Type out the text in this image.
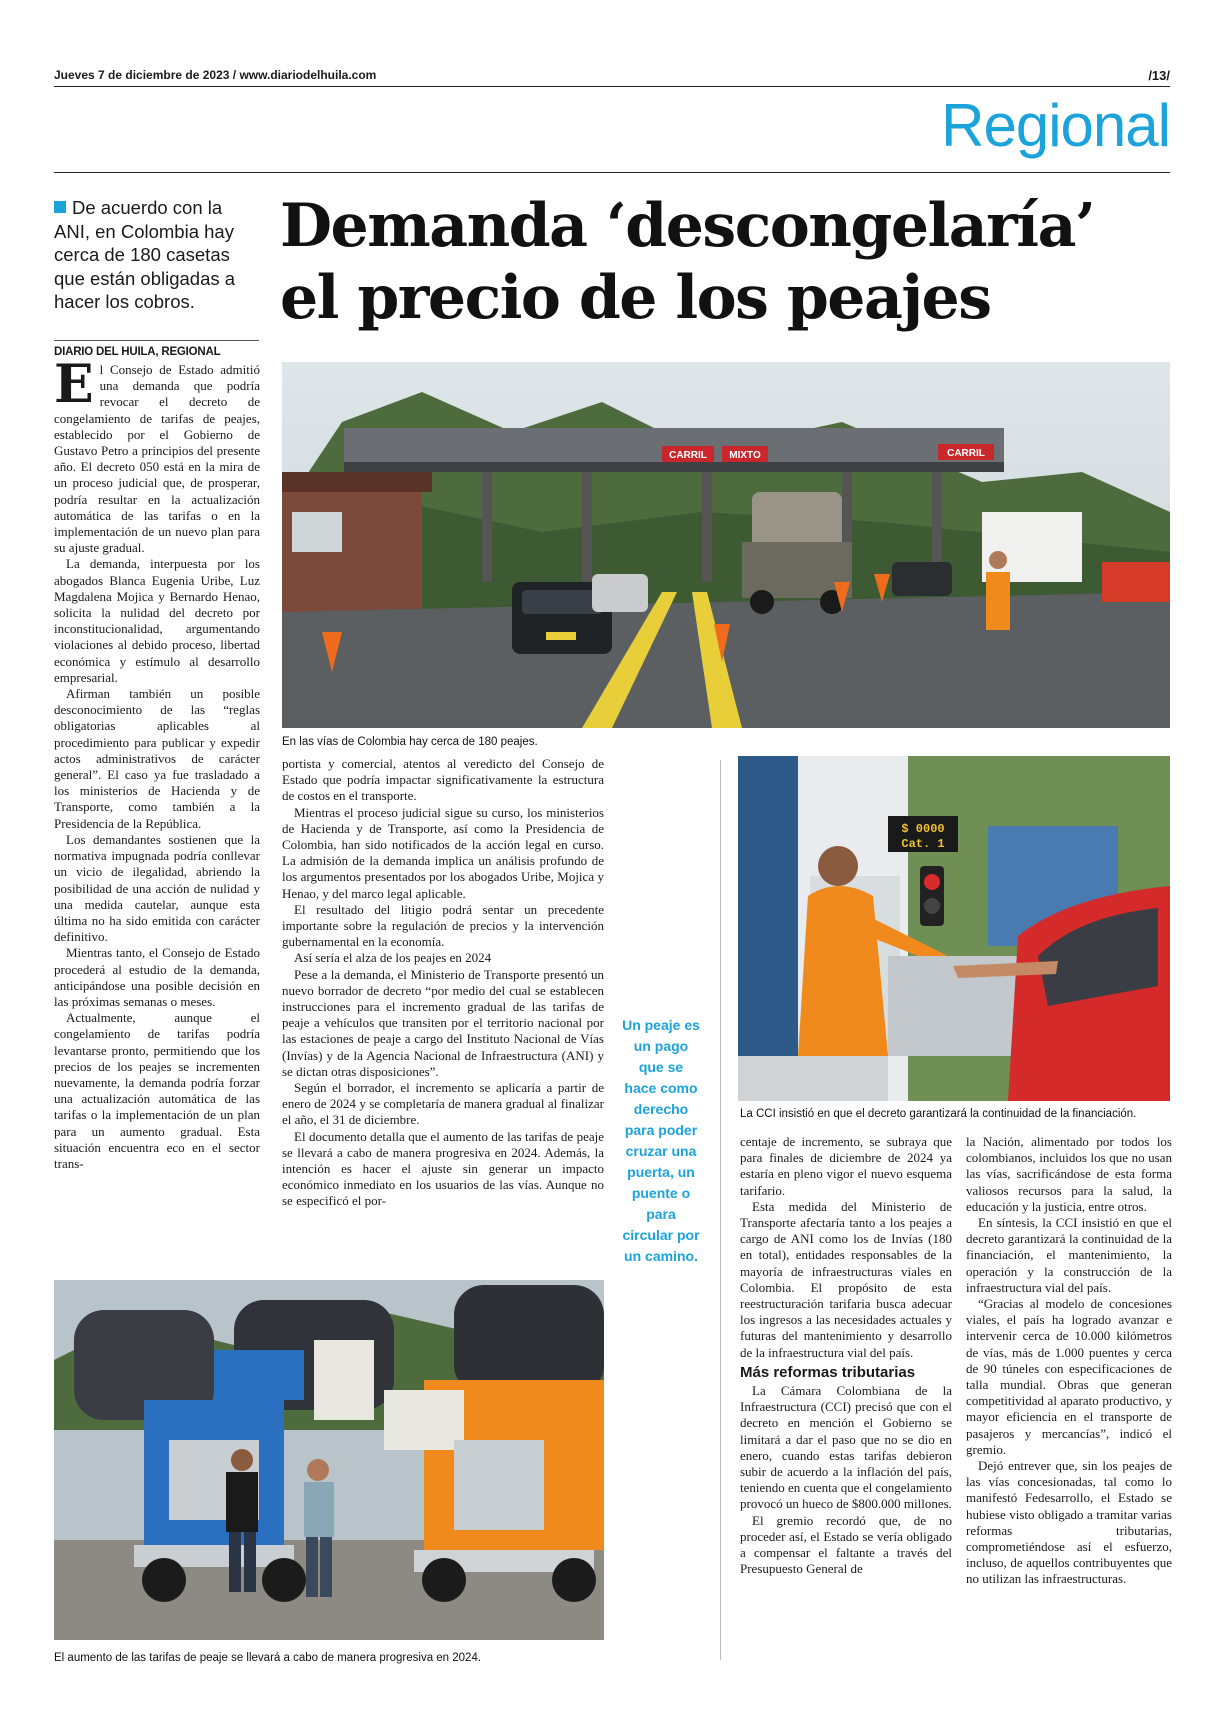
Jueves 7 de diciembre de 2023 / www.diariodelhuila.com	/13/
Regional
De acuerdo con la ANI, en Colombia hay cerca de 180 casetas que están obligadas a hacer los cobros.
Demanda ‘descongelaría’
el precio de los peajes
DIARIO DEL HUILA, REGIONAL

El Consejo de Estado admitió una demanda que podría revocar el decreto de congelamiento de tarifas de peajes, establecido por el Gobierno de Gustavo Petro a principios del presente año. El decreto 050 está en la mira de un proceso judicial que, de prosperar, podría resultar en la actualización automática de las tarifas o en la implementación de un nuevo plan para su ajuste gradual.

La demanda, interpuesta por los abogados Blanca Eugenia Uribe, Luz Magdalena Mojica y Bernardo Henao, solicita la nulidad del decreto por inconstitucionalidad, argumentando violaciones al debido proceso, libertad económica y estímulo al desarrollo empresarial.

Afirman también un posible desconocimiento de las “reglas obligatorias aplicables al procedimiento para publicar y expedir actos administrativos de carácter general”. El caso ya fue trasladado a los ministerios de Hacienda y de Transporte, como también a la Presidencia de la República.

Los demandantes sostienen que la normativa impugnada podría conllevar un vicio de ilegalidad, abriendo la posibilidad de una acción de nulidad y una medida cautelar, aunque esta última no ha sido emitida con carácter definitivo.

Mientras tanto, el Consejo de Estado procederá al estudio de la demanda, anticipándose una posible decisión en las próximas semanas o meses.

Actualmente, aunque el congelamiento de tarifas podría levantarse pronto, permitiendo que los precios de los peajes se incrementen nuevamente, la demanda podría forzar una actualización automática de las tarifas o la implementación de un plan para un aumento gradual. Esta situación encuentra eco en el sector trans-

MIXTO
CARRIL	CARRIL
En las vías de Colombia hay cerca de 180 peajes.

portista y comercial, atentos al veredicto del Consejo de Estado que podría impactar significativamente la estructura de costos en el transporte.

Mientras el proceso judicial sigue su curso, los ministerios de Hacienda y de Transporte, así como la Presidencia de Colombia, han sido notificados de la acción legal en curso. La admisión de la demanda implica un análisis profundo de los argumentos presentados por los abogados Uribe, Mojica y Henao, y del marco legal aplicable.

El resultado del litigio podrá sentar un precedente importante sobre la regulación de precios y la intervención gubernamental en la economía.

Así sería el alza de los peajes en 2024

Pese a la demanda, el Ministerio de Transporte presentó un nuevo borrador de decreto “por medio del cual se establecen instrucciones para el incremento gradual de las tarifas de peaje a vehículos que transiten por el territorio nacional por las estaciones de peaje a cargo del Instituto Nacional de Vías (Invías) y de la Agencia Nacional de Infraestructura (ANI) y se dictan otras disposiciones”.

Según el borrador, el incremento se aplicaría a partir de enero de 2024 y se completaría de manera gradual al finalizar el año, el 31 de diciembre.

El documento detalla que el aumento de las tarifas de peaje se llevará a cabo de manera progresiva en 2024. Además, la intención es hacer el ajuste sin generar un impacto económico inmediato en los usuarios de las vías. Aunque no se especificó el por-

Un peaje es un pago que se hace como derecho para poder cruzar una puerta, un puente o para circular por un camino.
$ 0000
Cat. 1
La CCI insistió en que el decreto garantizará la continuidad de la financiación.
El aumento de las tarifas de peaje se llevará a cabo de manera progresiva en 2024.

centaje de incremento, se subraya que para finales de diciembre de 2024 ya estaría en pleno vigor el nuevo esquema tarifario.

Esta medida del Ministerio de Transporte afectaría tanto a los peajes a cargo de ANI como los de Invías (180 en total), entidades responsables de la mayoría de infraestructuras viales en Colombia. El propósito de esta reestructuración tarifaria busca adecuar los ingresos a las necesidades actuales y futuras del mantenimiento y desarrollo de la infraestructura vial del país.

Más reformas tributarias

La Cámara Colombiana de la Infraestructura (CCI) precisó que con el decreto en mención el Gobierno se limitará a dar el paso que no se dio en enero, cuando estas tarifas debieron subir de acuerdo a la inflación del país, teniendo en cuenta que el congelamiento provocó un hueco de $800.000 millones.

El gremio recordó que, de no proceder así, el Estado se vería obligado a compensar el faltante a través del Presupuesto General de

la Nación, alimentado por todos los colombianos, incluidos los que no usan las vías, sacrificándose de esta forma valiosos recursos para la salud, la educación y la justicia, entre otros.

En síntesis, la CCI insistió en que el decreto garantizará la continuidad de la financiación, el mantenimiento, la operación y la construcción de la infraestructura vial del país.

“Gracias al modelo de concesiones viales, el país ha logrado avanzar e intervenir cerca de 10.000 kilómetros de vías, más de 1.000 puentes y cerca de 90 túneles con especificaciones de talla mundial. Obras que generan competitividad al aparato productivo, y mayor eficiencia en el transporte de pasajeros y mercancías”, indicó el gremio.

Dejó entrever que, sin los peajes de las vías concesionadas, tal como lo manifestó Fedesarrollo, el Estado se hubiese visto obligado a tramitar varias reformas tributarias, comprometiéndose así el esfuerzo, incluso, de aquellos contribuyentes que no utilizan las infraestructuras.
